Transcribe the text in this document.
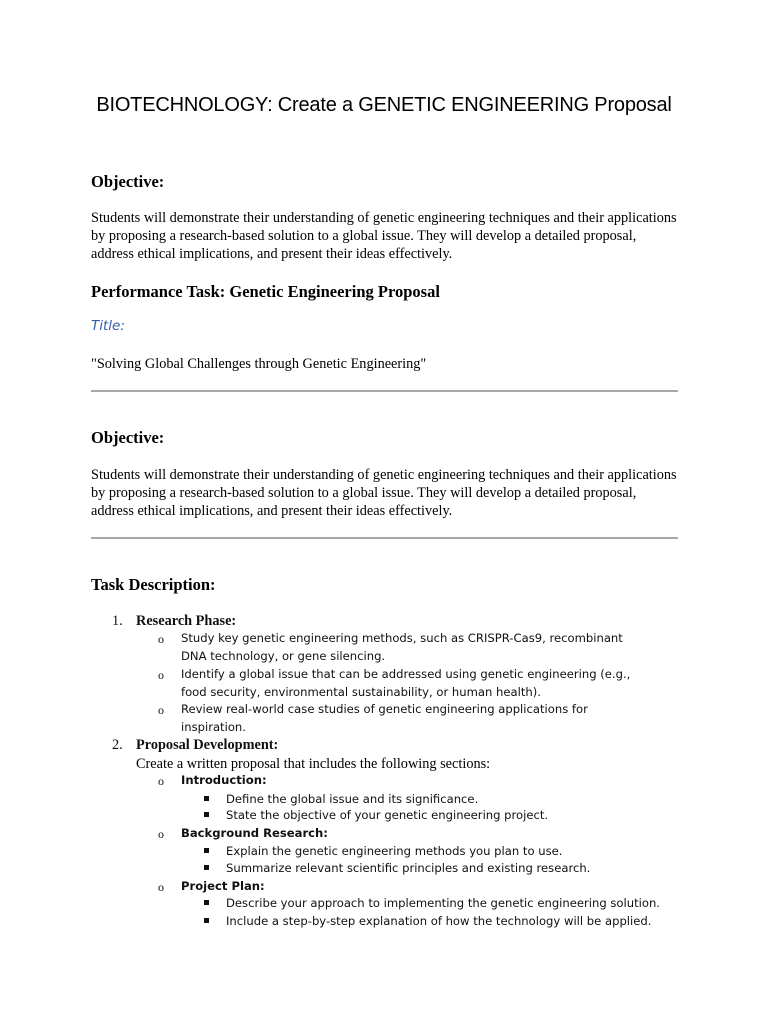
BIOTECHNOLOGY: Create a GENETIC ENGINEERING Proposal
Objective:
Students will demonstrate their understanding of genetic engineering techniques and their applications by proposing a research-based solution to a global issue. They will develop a detailed proposal, address ethical implications, and present their ideas effectively.
Performance Task: Genetic Engineering Proposal
Title:
"Solving Global Challenges through Genetic Engineering"
Objective:
Students will demonstrate their understanding of genetic engineering techniques and their applications by proposing a research-based solution to a global issue. They will develop a detailed proposal, address ethical implications, and present their ideas effectively.
Task Description:
1. Research Phase:
o Study key genetic engineering methods, such as CRISPR-Cas9, recombinant DNA technology, or gene silencing.
o Identify a global issue that can be addressed using genetic engineering (e.g., food security, environmental sustainability, or human health).
o Review real-world case studies of genetic engineering applications for inspiration.
2. Proposal Development:
Create a written proposal that includes the following sections:
o Introduction:
Define the global issue and its significance.
State the objective of your genetic engineering project.
o Background Research:
Explain the genetic engineering methods you plan to use.
Summarize relevant scientific principles and existing research.
o Project Plan:
Describe your approach to implementing the genetic engineering solution.
Include a step-by-step explanation of how the technology will be applied.
